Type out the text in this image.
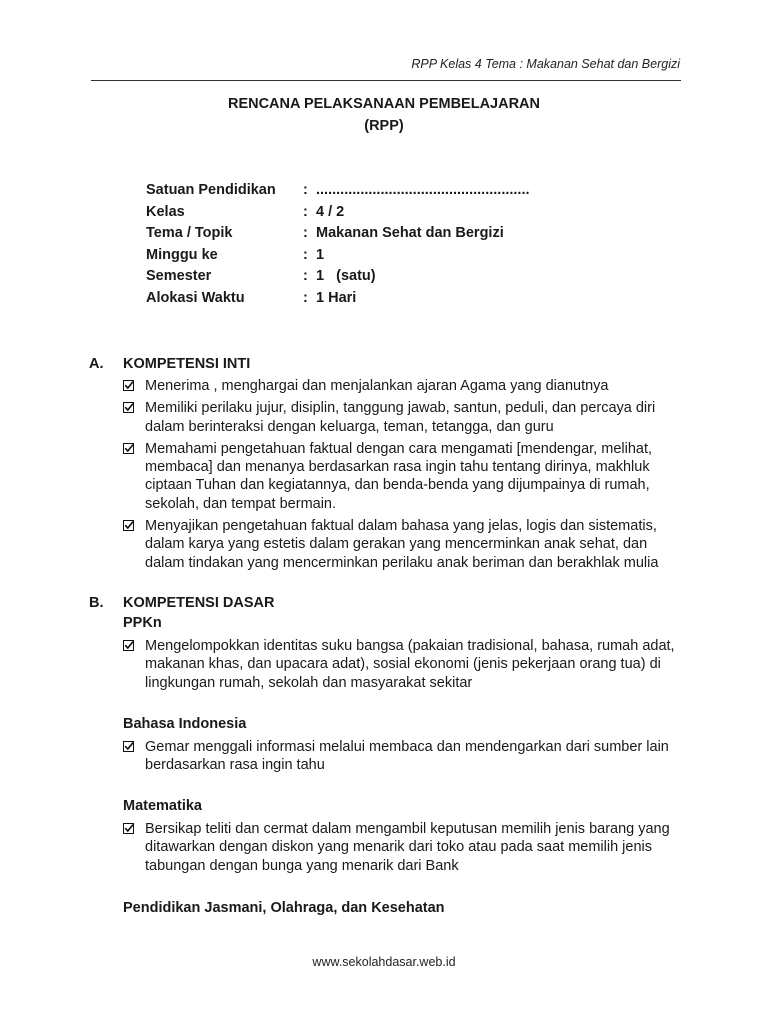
RPP Kelas 4 Tema : Makanan Sehat dan Bergizi
RENCANA PELAKSANAAN PEMBELAJARAN
(RPP)
Satuan Pendidikan : .....................................................
Kelas	: 4 / 2
Tema / Topik	: Makanan Sehat dan Bergizi
Minggu ke	: 1
Semester	: 1   (satu)
Alokasi Waktu	: 1 Hari
A. KOMPETENSI INTI
Menerima , menghargai dan menjalankan ajaran Agama yang dianutnya
Memiliki perilaku jujur, disiplin, tanggung jawab, santun, peduli, dan percaya diri dalam berinteraksi dengan keluarga, teman, tetangga, dan guru
Memahami pengetahuan faktual dengan cara mengamati [mendengar, melihat, membaca] dan menanya berdasarkan rasa ingin tahu tentang dirinya, makhluk ciptaan Tuhan dan kegiatannya, dan benda-benda yang dijumpainya di rumah, sekolah, dan tempat bermain.
Menyajikan pengetahuan faktual dalam bahasa yang jelas, logis dan sistematis, dalam karya yang estetis dalam gerakan yang mencerminkan anak sehat, dan dalam tindakan yang mencerminkan perilaku anak beriman dan berakhlak mulia
B. KOMPETENSI DASAR
PPKn
Mengelompokkan identitas suku bangsa (pakaian tradisional, bahasa, rumah adat, makanan khas, dan upacara adat), sosial ekonomi (jenis pekerjaan orang tua) di lingkungan rumah, sekolah dan masyarakat sekitar
Bahasa Indonesia
Gemar menggali informasi melalui membaca dan mendengarkan dari sumber lain berdasarkan rasa ingin tahu
Matematika
Bersikap teliti dan cermat dalam mengambil keputusan memilih jenis barang yang ditawarkan dengan diskon yang menarik dari toko atau pada saat memilih jenis tabungan dengan bunga yang menarik dari Bank
Pendidikan Jasmani, Olahraga, dan Kesehatan
www.sekolahdasar.web.id
